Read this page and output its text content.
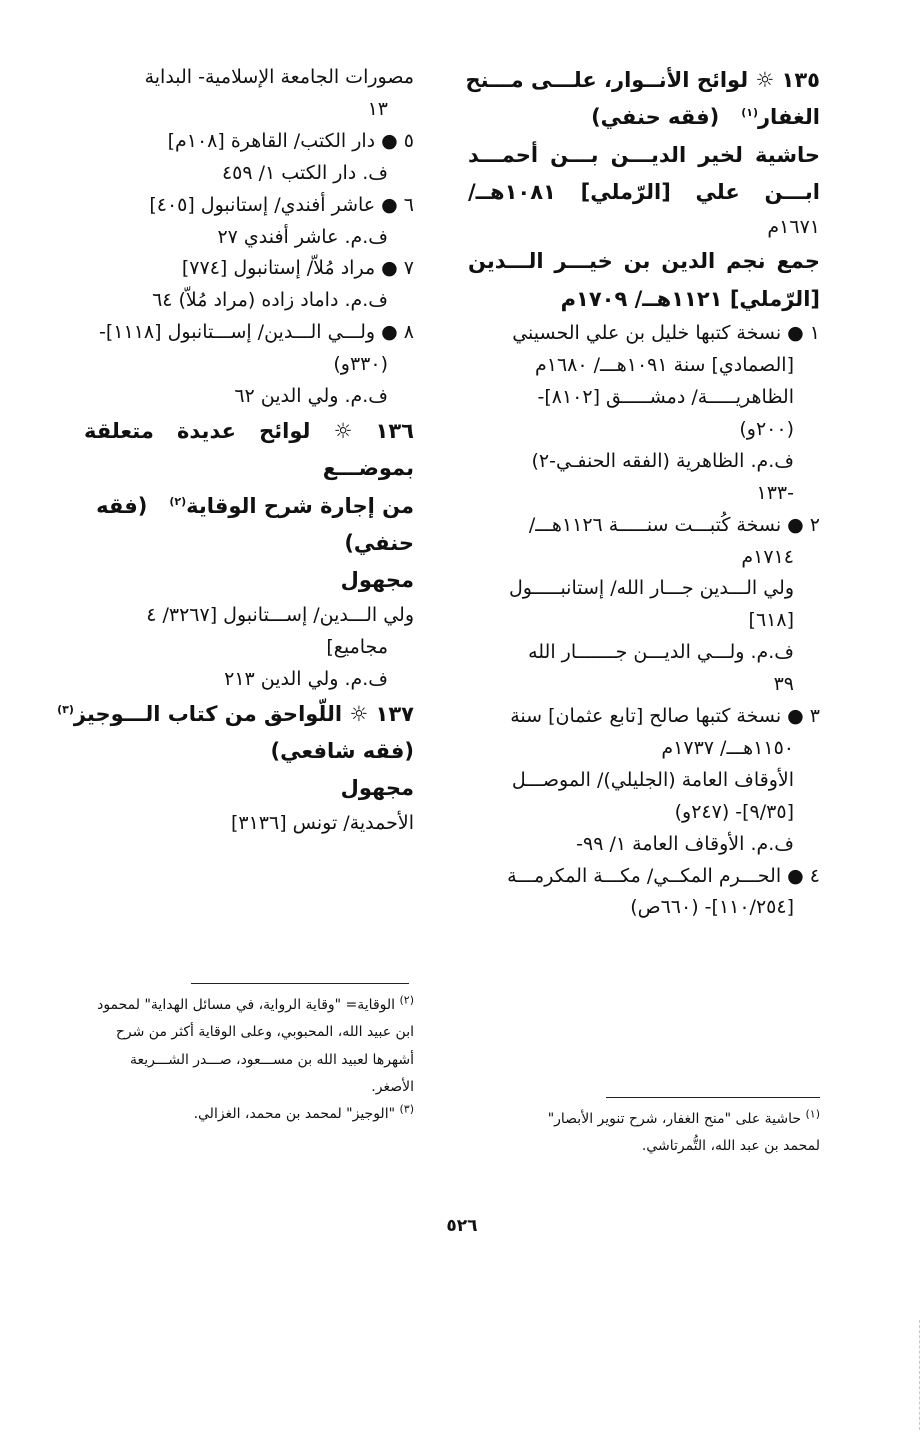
١٣٥ ☼ لوائح الأنــوار، علـــى مـــنح
الغفار$^{(١)}$   (فقه حنفي)
حاشية لخير الديـــن بـــن أحمـــد
ابـــن علي [الرّملي] ١٠٨١هــ/
١٦٧١م
جمع نجم الدين بن خيـــر الـــدين
[الرّملي] ١١٢١هــ/ ١٧٠٩م
١ ● نسخة كتبها خليل بن علي الحسيني
[الصمادي] سنة ١٠٩١هـــ/ ١٦٨٠م
الظاهريـــــة/ دمشـــــق [٨١٠٢]-
(٢٠٠و)
ف.م. الظاهرية (الفقه الحنفـي-٢)
-١٣٣
٢ ● نسخة كُتبـــت سنـــــة ١١٢٦هـــ/
١٧١٤م
ولي الـــدين جـــار الله/ إستانبـــــول
[٦١٨]
ف.م. ولـــي الديـــن جـــــــار الله
٣٩
٣ ● نسخة كتبها صالح [تابع عثمان] سنة
١١٥٠هـــ/ ١٧٣٧م
الأوقاف العامة (الجليلي)/ الموصـــل
[٩/٣٥]- (٢٤٧و)
ف.م. الأوقاف العامة ١/ ٩٩-
٤ ● الحـــرم المكــي/ مكـــة المكرمـــة
[١١٠/٢٥٤]- (٦٦٠ص)
مصورات الجامعة الإسلامية- البداية
١٣
٥ ● دار الكتب/ القاهرة [١٠٨م]
ف. دار الكتب ١/ ٤٥٩
٦ ● عاشر أفندي/ إستانبول [٤٠٥]
ف.م. عاشر أفندي ٢٧
٧ ● مراد مُلاّ/ إستانبول [٧٧٤]
ف.م. داماد زاده (مراد مُلاّ) ٦٤
٨ ● ولـــي الـــدين/ إســـتانبول [١١١٨]-
(٣٣٠و)
ف.م. ولي الدين ٦٢
١٣٦ ☼ لوائح عديدة متعلقة بموضـــع
من إجارة شرح الوقاية$^{(٢)}$   (فقه
حنفي)
مجهول
ولي الـــدين/ إســـتانبول [٣٢٦٧/ ٤
مجاميع]
ف.م. ولي الدين ٢١٣
١٣٧ ☼ اللّواحق من كتاب الـــوجيز$^{(٣)}$
(فقه شافعي)
مجهول
الأحمدية/ تونس [٣١٣٦]
$^{(١)}$ حاشية على "منح الغفار، شرح تنوير الأبصار"
لمحمد بن عبد الله، التُّمرتاشي.
$^{(٢)}$ الوقاية= "وقاية الرواية، في مسائل الهداية" لمحمود
ابن عبيد الله، المحبوبي، وعلى الوقاية أكثر من شرح
أشهرها لعبيد الله بن مســـعود، صـــدر الشـــريعة
الأصغر.
$^{(٣)}$ "الوجيز" لمحمد بن محمد، الغزالي.
٥٢٦
